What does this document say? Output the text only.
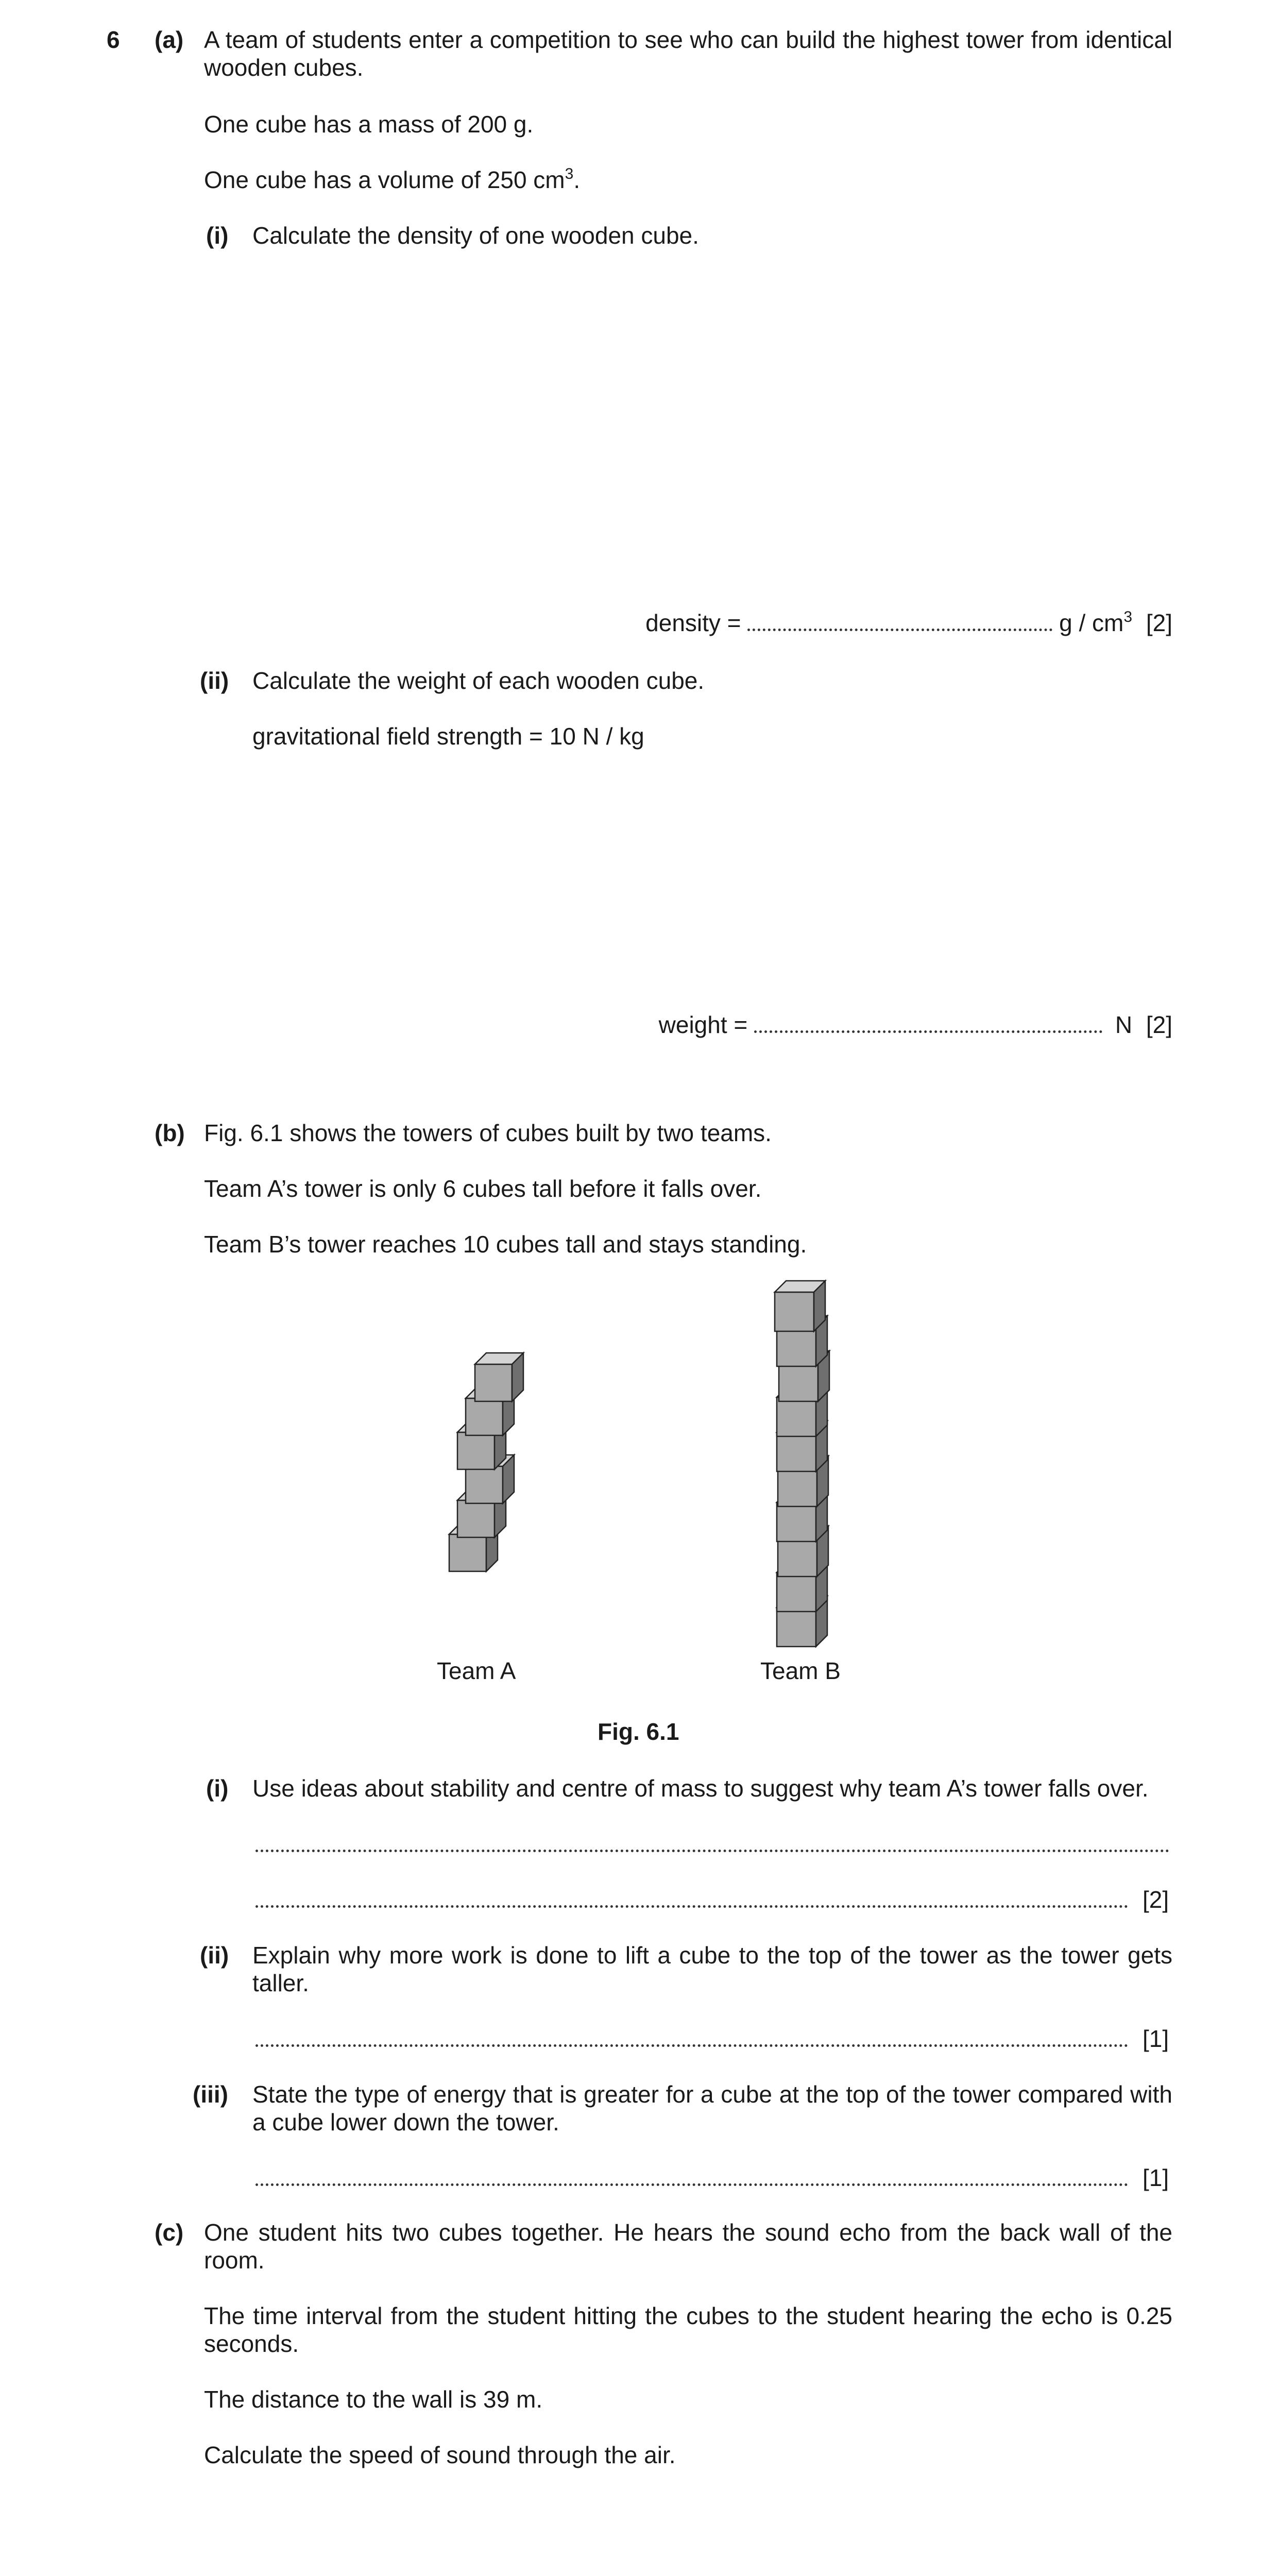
6 (a) A team of students enter a competition to see who can build the highest tower from identical wooden cubes.
One cube has a mass of 200 g.
One cube has a volume of 250 $cm^3$.
(i) Calculate the density of one wooden cube.
density =	g / $cm^3$ [2]
(ii) Calculate the weight of each wooden cube.
gravitational field strength = 10 N / kg
weight =	N [2]
(b) Fig. 6.1 shows the towers of cubes built by two teams.
Team A’s tower is only 6 cubes tall before it falls over.
Team B’s tower reaches 10 cubes tall and stays standing.
Team A	Team B
Fig. 6.1
(i) Use ideas about stability and centre of mass to suggest why team A’s tower falls over.
[2]
(ii) Explain why more work is done to lift a cube to the top of the tower as the tower gets taller.
[1]
(iii) State the type of energy that is greater for a cube at the top of the tower compared with a cube lower down the tower.
[1]
(c) One student hits two cubes together. He hears the sound echo from the back wall of the room.
The time interval from the student hitting the cubes to the student hearing the echo is 0.25 seconds.
The distance to the wall is 39 m.
Calculate the speed of sound through the air.
